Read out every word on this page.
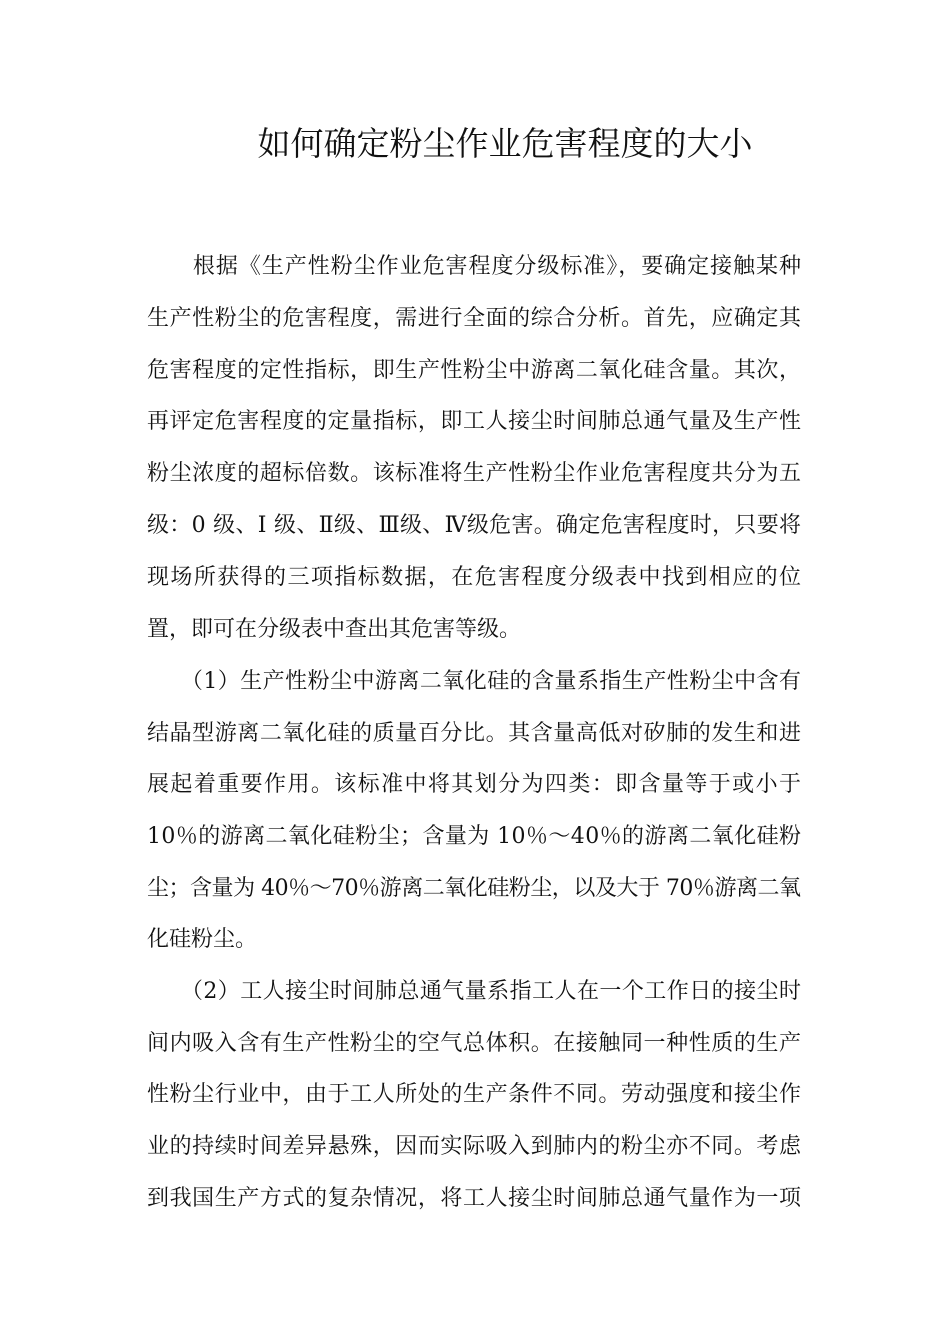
如何确定粉尘作业危害程度的大小
　　根据《生产性粉尘作业危害程度分级标准》，要确定接触某种
生产性粉尘的危害程度，需进行全面的综合分析。首先，应确定其
危害程度的定性指标，即生产性粉尘中游离二氧化硅含量。其次，
再评定危害程度的定量指标，即工人接尘时间肺总通气量及生产性
粉尘浓度的超标倍数。该标准将生产性粉尘作业危害程度共分为五
级：0 级、I 级、Ⅱ级、Ⅲ级、Ⅳ级危害。确定危害程度时，只要将
现场所获得的三项指标数据，在危害程度分级表中找到相应的位
置，即可在分级表中查出其危害等级。
　　（1）生产性粉尘中游离二氧化硅的含量系指生产性粉尘中含有
结晶型游离二氧化硅的质量百分比。其含量高低对矽肺的发生和进
展起着重要作用。该标准中将其划分为四类：即含量等于或小于
10％的游离二氧化硅粉尘；含量为 10％～40％的游离二氧化硅粉
尘；含量为 40％～70％游离二氧化硅粉尘，以及大于 70％游离二氧
化硅粉尘。
　　（2）工人接尘时间肺总通气量系指工人在一个工作日的接尘时
间内吸入含有生产性粉尘的空气总体积。在接触同一种性质的生产
性粉尘行业中，由于工人所处的生产条件不同。劳动强度和接尘作
业的持续时间差异悬殊，因而实际吸入到肺内的粉尘亦不同。考虑
到我国生产方式的复杂情况，将工人接尘时间肺总通气量作为一项
